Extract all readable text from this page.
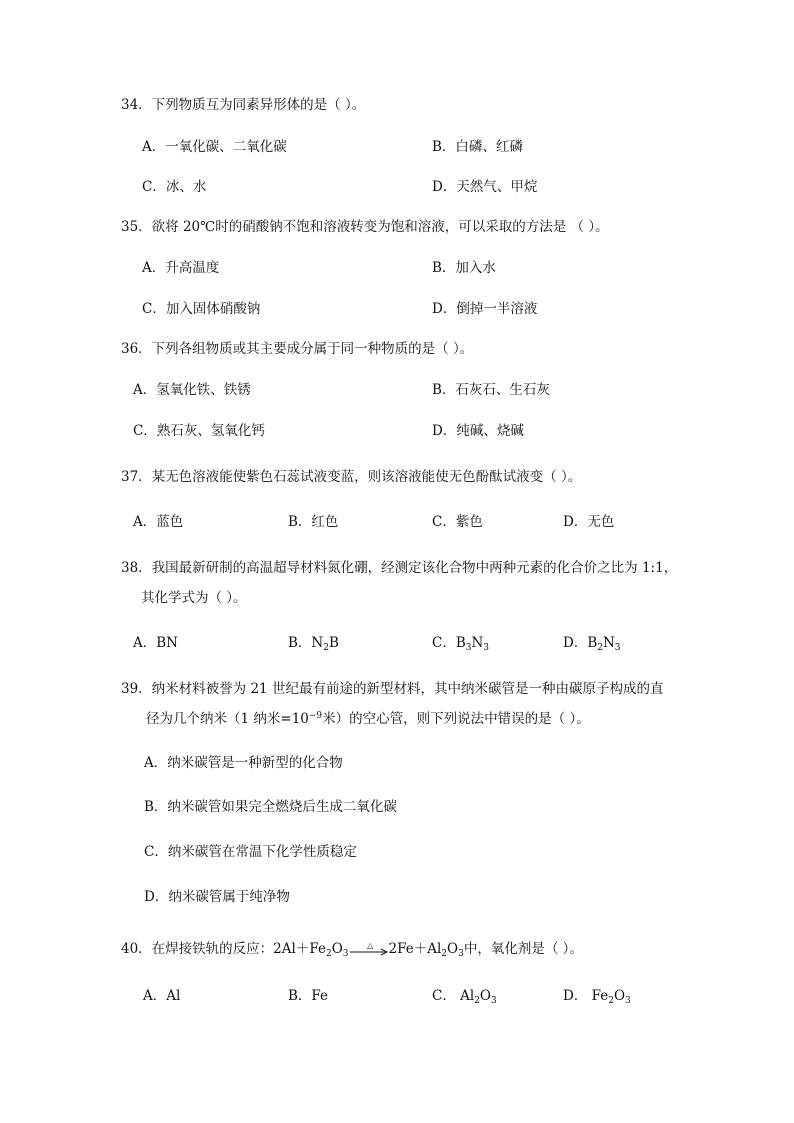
34．下列物质互为同素异形体的是（ ）。
A．一氧化碳、二氧化碳	B．白磷、红磷
C．冰、水	D．天然气、甲烷
35．欲将 20℃时的硝酸钠不饱和溶液转变为饱和溶液，可以采取的方法是 （ ）。
A．升高温度	B．加入水
C．加入固体硝酸钠	D．倒掉一半溶液
36．下列各组物质或其主要成分属于同一种物质的是（ ）。
A．氢氧化铁、铁锈	B．石灰石、生石灰
C．熟石灰、氢氧化钙	D．纯碱、烧碱
37．某无色溶液能使紫色石蕊试液变蓝，则该溶液能使无色酚酞试液变（ ）。
A．蓝色	B．红色	C．紫色	D．无色
38．我国最新研制的高温超导材料氮化硼，经测定该化合物中两种元素的化合价之比为 1:1，
其化学式为（ ）。
A．BN	B．$N_2B$	C．$B_3N_3$	D．$B_2N_3$
39．纳米材料被誉为 21 世纪最有前途的新型材料，其中纳米碳管是一种由碳原子构成的直
径为几个纳米（1 纳米$=10^{-9}$米）的空心管，则下列说法中错误的是（ ）。
A．纳米碳管是一种新型的化合物
B．纳米碳管如果完全燃烧后生成二氧化碳
C．纳米碳管在常温下化学性质稳定
D．纳米碳管属于纯净物
40．在焊接铁轨的反应：$2Al+Fe_2O_3$
△ $2Fe+Al_2O_3$中，氧化剂是（ ）。
A．Al	B．Fe	C． $Al_2O_3$	D． $Fe_2O_3$
